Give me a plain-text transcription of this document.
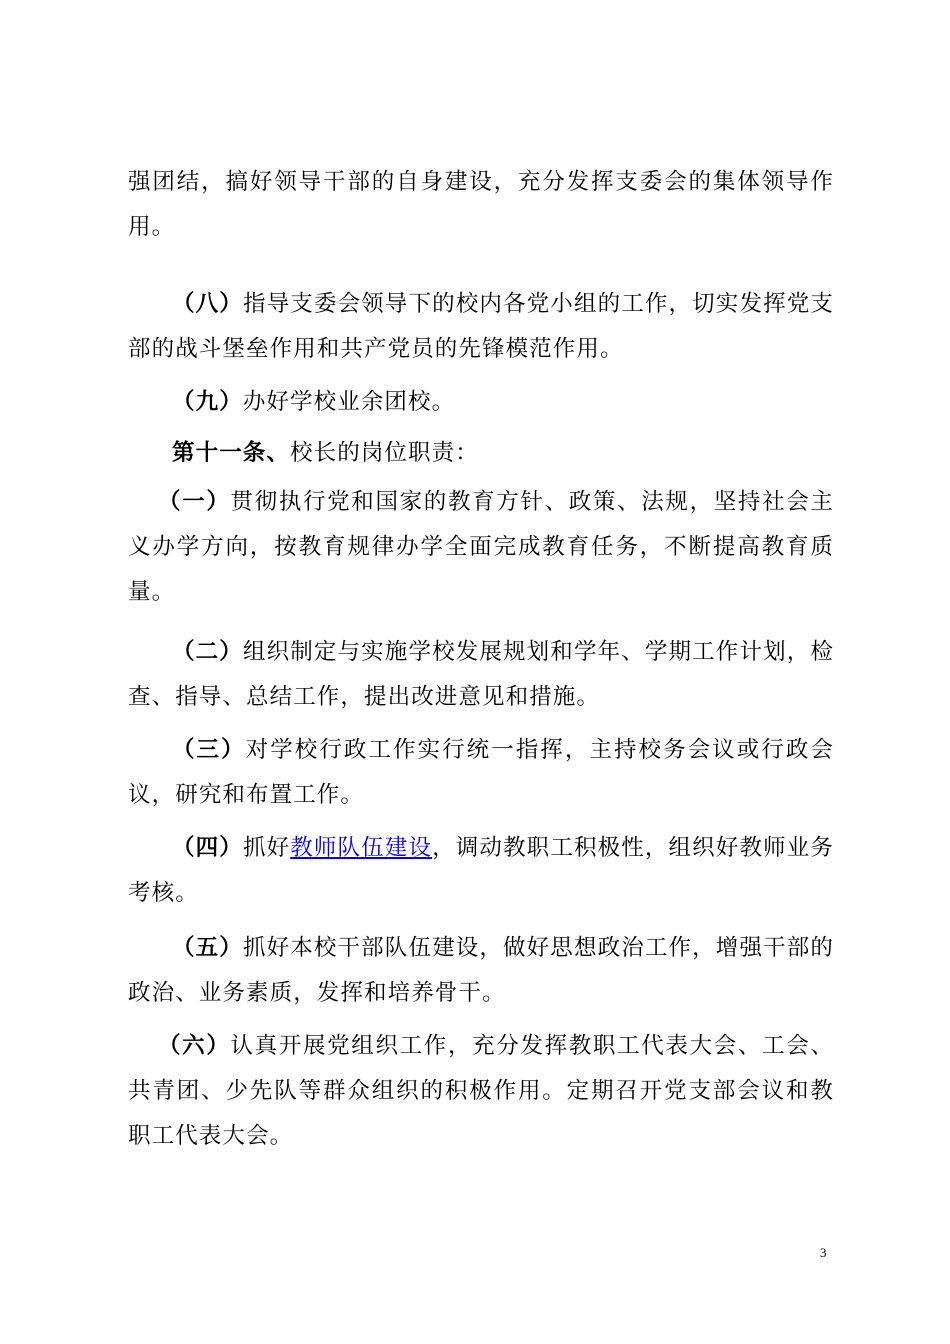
强团结，搞好领导干部的自身建设，充分发挥支委会的集体领导作用。

（八）指导支委会领导下的校内各党小组的工作，切实发挥党支部的战斗堡垒作用和共产党员的先锋模范作用。

（九）办好学校业余团校。

第十一条、校长的岗位职责：

（一）贯彻执行党和国家的教育方针、政策、法规，坚持社会主义办学方向，按教育规律办学全面完成教育任务，不断提高教育质量。

（二）组织制定与实施学校发展规划和学年、学期工作计划，检查、指导、总结工作，提出改进意见和措施。

（三）对学校行政工作实行统一指挥，主持校务会议或行政会议，研究和布置工作。

（四）抓好教师队伍建设，调动教职工积极性，组织好教师业务考核。

（五）抓好本校干部队伍建设，做好思想政治工作，增强干部的政治、业务素质，发挥和培养骨干。

（六）认真开展党组织工作，充分发挥教职工代表大会、工会、共青团、少先队等群众组织的积极作用。定期召开党支部会议和教职工代表大会。

3
